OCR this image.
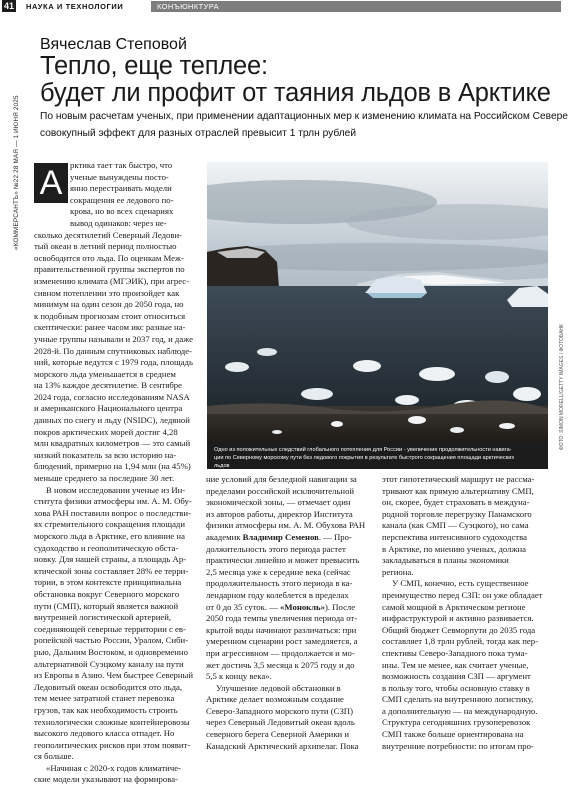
41 НАУКА И ТЕХНОЛОГИИ	КОНЪЮНКТУРА
«КОММЕРСАНТЪ» №22 28 МАЯ — 1 ИЮНЯ 2025
Вячеслав Степовой
Тепло, еще теплее:
будет ли профит от таяния льдов в Арктике
По новым расчетам ученых, при применении адаптационных мер к изменению климата на Российском Севере
совокупный эффект для разных отраслей превысит 1 трлн рублей
А рктика тает так быстро, что
ученые вынуждены посто-
янно перестраивать модели
сокращения ее ледового по-
крова, но во всех сценариях
вывод одинаков: через не-
сколько десятилетий Северный Ледови-
тый океан в летний период полностью
освободится ото льда. По оценкам Меж-
правительственной группы экспертов по
изменению климата (МГЭИК), при агрес-
сивном потеплении это произойдет как
минимум на один сезон до 2050 года, но
к подобным прогнозам стоит относиться
скептически: ранее часом икс разные на-
учные группы называли и 2037 год, и даже
2028-й. По данным спутниковых наблюде-
ний, которые ведутся с 1979 года, площадь
морского льда уменьшается в среднем
на 13% каждое десятилетие. В сентябре
2024 года, согласно исследованиям NASA
и американского Национального центра
данных по снегу и льду (NSIDC), ледяной
покров арктических морей достиг 4,28
млн квадратных километров — это самый
низкий показатель за всю историю на-
блюдений, примерно на 1,94 млн (на 45%)
меньше среднего за последние 30 лет.
В новом исследовании ученые из Ин-
ститута физики атмосферы им. А. М. Обу-
хова РАН поставили вопрос о последстви-
ях стремительного сокращения площади
морского льда в Арктике, его влияние на
судоходство и геополитическую обста-
новку. Для нашей страны, а площадь Ар-
ктической зоны составляет 28% ее терри-
тории, в этом контексте принципиальна
обстановка вокруг Северного морского
пути (СМП), который является важной
внутренней логистической артерией,
соединяющей северные территории с ев-
ропейской частью России, Уралом, Сиби-
рью, Дальним Востоком, и одновременно
альтернативой Суэцкому каналу на пути
из Европы в Азию. Чем быстрее Северный
Ледовитый океан освободится ото льда,
тем менее затратной станет перевозка
грузов, так как необходимость строить
технологически сложные контейнеровозы
высокого ледового класса отпадет. Но
геополитических рисков при этом появит-
ся больше.
«Начиная с 2020-х годов климатиче-
ские модели указывают на формирова-
ФОТО: SIMON MORELL/GETTY IMAGES / ФОТОБАНК
Одно из положительных следствий глобального потепления для России - увеличение продолжительности навига-
ции по Северному морскому пути без ледового покрытия в результате быстрого сокращения площади арктических
льдов
ние условий для безледной навигации за
пределами российской исключительной
экономической зоны, — отмечает один
из авторов работы, директор Института
физики атмосферы им. А. М. Обухова РАН
академик Владимир Семенов. — Про-
должительность этого периода растет
практически линейно и может превысить
2,5 месяца уже к середине века (сейчас
продолжительность этого периода в ка-
лендарном году колеблется в пределах
от 0 до 35 суток. — «Монокль»). После
2050 года темпы увеличения периода от-
крытой воды начинают различаться: при
умеренном сценарии рост замедляется, а
при агрессивном — продолжается и мо-
жет достичь 3,5 месяца к 2075 году и до
5,5 к концу века».
Улучшение ледовой обстановки в
Арктике делает возможным создание
Северо-Западного морского пути (СЗП)
через Северный Ледовитый океан вдоль
северного берега Северной Америки и
Канадский Арктический архипелаг. Пока
этот гипотетический маршрут не рассма-
тривают как прямую альтернативу СМП,
он, скорее, будет страховать в междуна-
родной торговле перегрузку Панамского
канала (как СМП — Суэцкого), но сама
перспектива интенсивного судоходства
в Арктике, по мнению ученых, должна
закладываться в планы экономики
региона.
У СМП, конечно, есть существенное
преимущество перед СЗП: он уже обладает
самой мощной в Арктическом регионе
инфраструктурой и активно развивается.
Общий бюджет Севморпути до 2035 года
составляет 1,8 трлн рублей, тогда как пер-
спективы Северо-Западного пока тума-
нны. Тем не менее, как считает ученые,
возможность создания СЗП — аргумент
в пользу того, чтобы основную ставку в
СМП сделать на внутреннюю логистику,
а дополнительную — на международную.
Структура сегодняшних грузоперевозок
СМП также больше ориентирована на
внутренние потребности: по итогам про-
